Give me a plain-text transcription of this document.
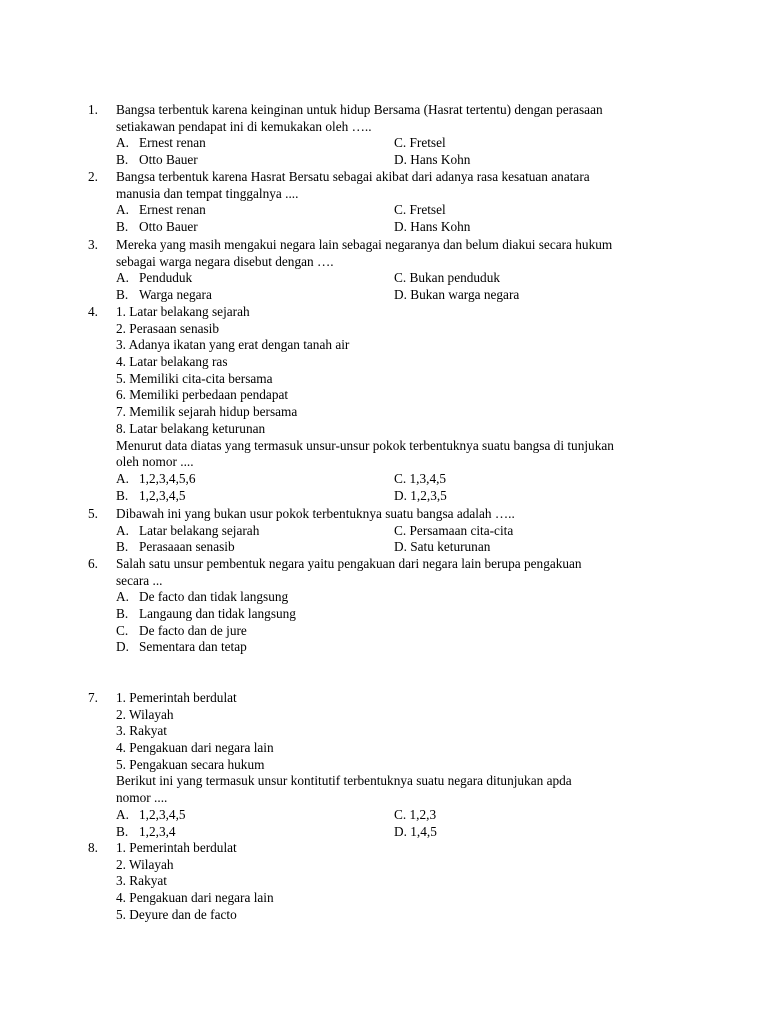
1. Bangsa terbentuk karena keinginan untuk hidup Bersama (Hasrat tertentu) dengan perasaan
setiakawan pendapat ini di kemukakan oleh …..
A. Ernest renan	C. Fretsel
B. Otto Bauer	D. Hans Kohn
2. Bangsa terbentuk karena Hasrat Bersatu sebagai akibat dari adanya rasa kesatuan anatara
manusia dan tempat tinggalnya ....
A. Ernest renan	C. Fretsel
B. Otto Bauer	D. Hans Kohn
3. Mereka yang masih mengakui negara lain sebagai negaranya dan belum diakui secara hukum
sebagai warga negara disebut dengan ….
A. Penduduk	C. Bukan penduduk
B. Warga negara	D. Bukan warga negara
4. 1. Latar belakang sejarah
2. Perasaan senasib
3. Adanya ikatan yang erat dengan tanah air
4. Latar belakang ras
5. Memiliki cita-cita bersama
6. Memiliki perbedaan pendapat
7. Memilik sejarah hidup bersama
8. Latar belakang keturunan
Menurut data diatas yang termasuk unsur-unsur pokok terbentuknya suatu bangsa di tunjukan
oleh nomor ....
A. 1,2,3,4,5,6	C. 1,3,4,5
B. 1,2,3,4,5	D. 1,2,3,5
5. Dibawah ini yang bukan usur pokok terbentuknya suatu bangsa adalah …..
A. Latar belakang sejarah	C. Persamaan cita-cita
B. Perasaaan senasib	D. Satu keturunan
6. Salah satu unsur pembentuk negara yaitu pengakuan dari negara lain berupa pengakuan
secara ...
A. De facto dan tidak langsung
B. Langaung dan tidak langsung
C. De facto dan de jure
D. Sementara dan tetap
7. 1. Pemerintah berdulat
2. Wilayah
3. Rakyat
4. Pengakuan dari negara lain
5. Pengakuan secara hukum
Berikut ini yang termasuk unsur kontitutif terbentuknya suatu negara ditunjukan apda
nomor ....
A. 1,2,3,4,5	C. 1,2,3
B. 1,2,3,4	D. 1,4,5
8. 1. Pemerintah berdulat
2. Wilayah
3. Rakyat
4. Pengakuan dari negara lain
5. Deyure dan de facto
